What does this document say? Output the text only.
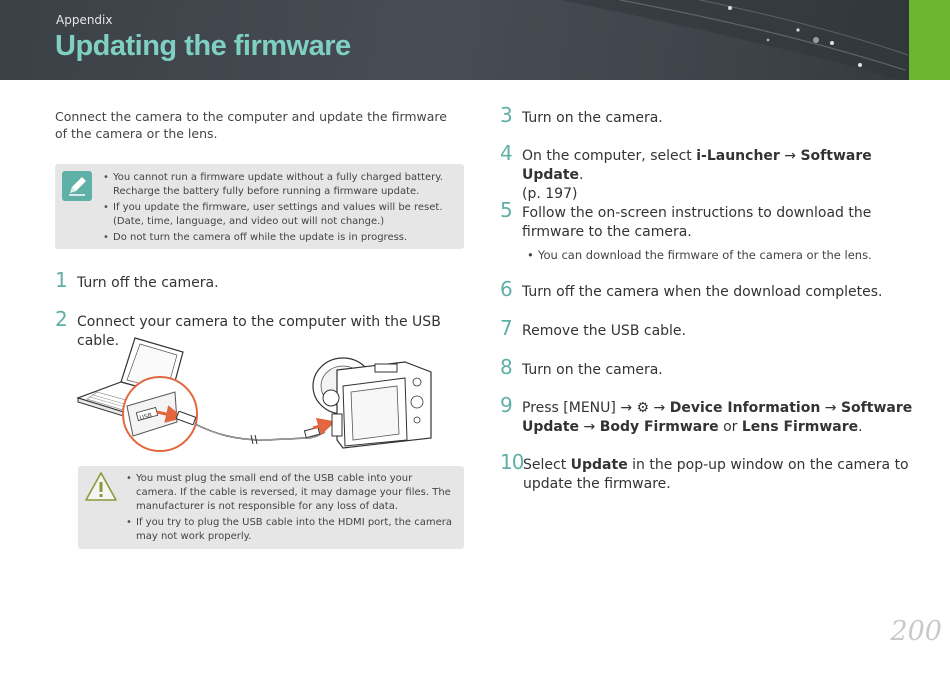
Appendix
Updating the firmware
Connect the camera to the computer and update the firmware of the camera or the lens.
• You cannot run a firmware update without a fully charged battery. Recharge the battery fully before running a firmware update.
• If you update the firmware, user settings and values will be reset. (Date, time, language, and video out will not change.)
• Do not turn the camera off while the update is in progress.
1 Turn off the camera.
2 Connect your camera to the computer with the USB cable.
USB
• You must plug the small end of the USB cable into your camera. If the cable is reversed, it may damage your files. The manufacturer is not responsible for any loss of data.
• If you try to plug the USB cable into the HDMI port, the camera may not work properly.
3 Turn on the camera.
4 On the computer, select i-Launcher → Software Update.
(p. 197)
5 Follow the on-screen instructions to download the firmware to the camera.
• You can download the firmware of the camera or the lens.
6 Turn off the camera when the download completes.
7 Remove the USB cable.
8 Turn on the camera.
9 Press [MENU] → ⚙ → Device Information → Software
Update → Body Firmware or Lens Firmware.
10 Select Update in the pop-up window on the camera to update the firmware.
200
